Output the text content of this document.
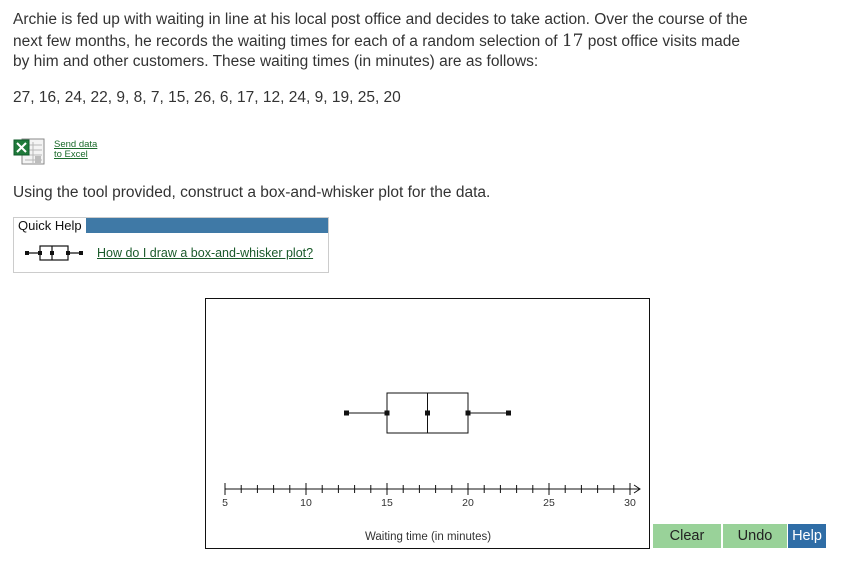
Archie is fed up with waiting in line at his local post office and decides to take action. Over the course of the next few months, he records the waiting times for each of a random selection of 17 post office visits made by him and other customers. These waiting times (in minutes) are as follows:
27, 16, 24, 22, 9, 8, 7, 15, 26, 6, 17, 12, 24, 9, 19, 25, 20
Send data
to Excel
Using the tool provided, construct a box-and-whisker plot for the data.
Quick Help
How do I draw a box-and-whisker plot?
5	10	15	20	25	30
Waiting time (in minutes)	Clear	Undo	Help
